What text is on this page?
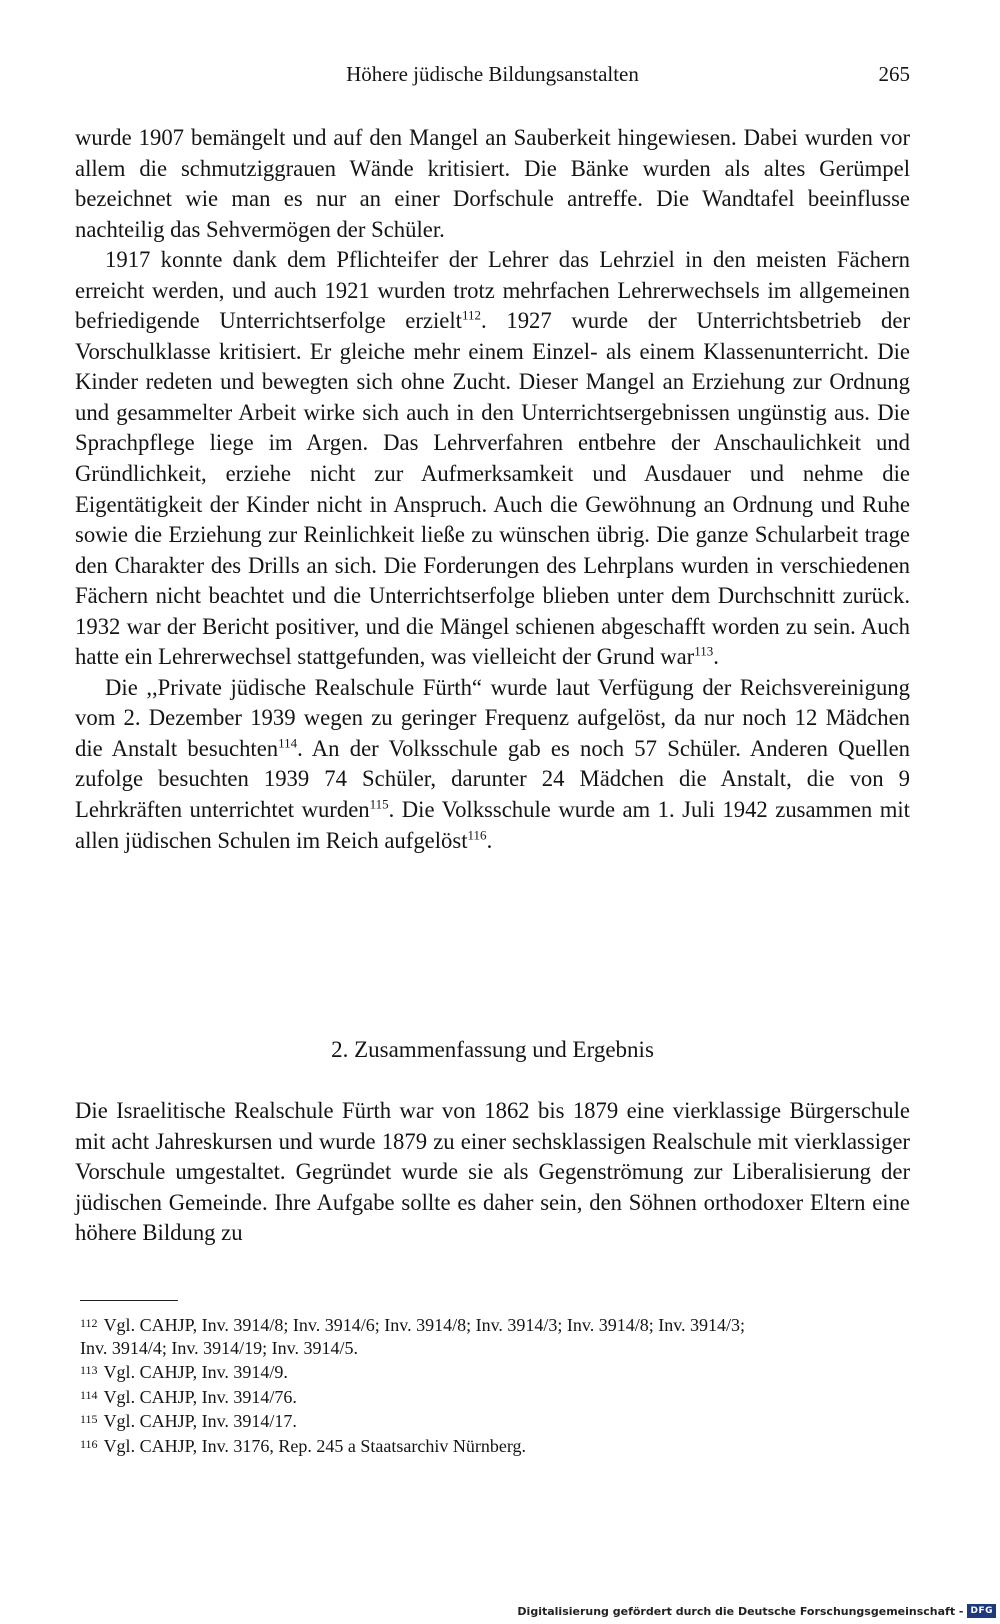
Höhere jüdische Bildungsanstalten	265

wurde 1907 bemängelt und auf den Mangel an Sauberkeit hingewiesen. Dabei wurden vor allem die schmutziggrauen Wände kritisiert. Die Bänke wurden als altes Gerümpel bezeichnet wie man es nur an einer Dorfschule antreffe. Die Wandtafel beeinflusse nachteilig das Sehvermögen der Schüler.

1917 konnte dank dem Pflichteifer der Lehrer das Lehrziel in den meisten Fächern erreicht werden, und auch 1921 wurden trotz mehrfachen Lehrerwechsels im allgemeinen befriedigende Unterrichtserfolge erzielt$^{112}$. 1927 wurde der Unterrichtsbetrieb der Vorschulklasse kritisiert. Er gleiche mehr einem Einzel- als einem Klassenunterricht. Die Kinder redeten und bewegten sich ohne Zucht. Dieser Mangel an Erziehung zur Ordnung und gesammelter Arbeit wirke sich auch in den Unterrichtsergebnissen ungünstig aus. Die Sprachpflege liege im Argen. Das Lehrverfahren entbehre der Anschaulichkeit und Gründlichkeit, erziehe nicht zur Aufmerksamkeit und Ausdauer und nehme die Eigentätigkeit der Kinder nicht in Anspruch. Auch die Gewöhnung an Ordnung und Ruhe sowie die Erziehung zur Reinlichkeit ließe zu wünschen übrig. Die ganze Schularbeit trage den Charakter des Drills an sich. Die Forderungen des Lehrplans wurden in verschiedenen Fächern nicht beachtet und die Unterrichtserfolge blieben unter dem Durchschnitt zurück. 1932 war der Bericht positiver, und die Mängel schienen abgeschafft worden zu sein. Auch hatte ein Lehrerwechsel stattgefunden, was vielleicht der Grund war$^{113}$.

Die ,,Private jüdische Realschule Fürth“ wurde laut Verfügung der Reichsvereinigung vom 2. Dezember 1939 wegen zu geringer Frequenz aufgelöst, da nur noch 12 Mädchen die Anstalt besuchten$^{114}$. An der Volksschule gab es noch 57 Schüler. Anderen Quellen zufolge besuchten 1939 74 Schüler, darunter 24 Mädchen die Anstalt, die von 9 Lehrkräften unterrichtet wurden$^{115}$. Die Volksschule wurde am 1. Juli 1942 zusammen mit allen jüdischen Schulen im Reich aufgelöst$^{116}$.

2. Zusammenfassung und Ergebnis

Die Israelitische Realschule Fürth war von 1862 bis 1879 eine vierklassige Bürgerschule mit acht Jahreskursen und wurde 1879 zu einer sechsklassigen Realschule mit vierklassiger Vorschule umgestaltet. Gegründet wurde sie als Gegenströmung zur Liberalisierung der jüdischen Gemeinde. Ihre Aufgabe sollte es daher sein, den Söhnen orthodoxer Eltern eine höhere Bildung zu

$^{112}$ Vgl. CAHJP, Inv. 3914/8; Inv. 3914/6; Inv. 3914/8; Inv. 3914/3; Inv. 3914/8; Inv. 3914/3;

Inv. 3914/4; Inv. 3914/19; Inv. 3914/5.

$^{113}$ Vgl. CAHJP, Inv. 3914/9.

$^{114}$ Vgl. CAHJP, Inv. 3914/76.

$^{115}$ Vgl. CAHJP, Inv. 3914/17.

$^{116}$ Vgl. CAHJP, Inv. 3176, Rep. 245 a Staatsarchiv Nürnberg.

Digitalisierung gefördert durch die Deutsche Forschungsgemeinschaft - DFG
